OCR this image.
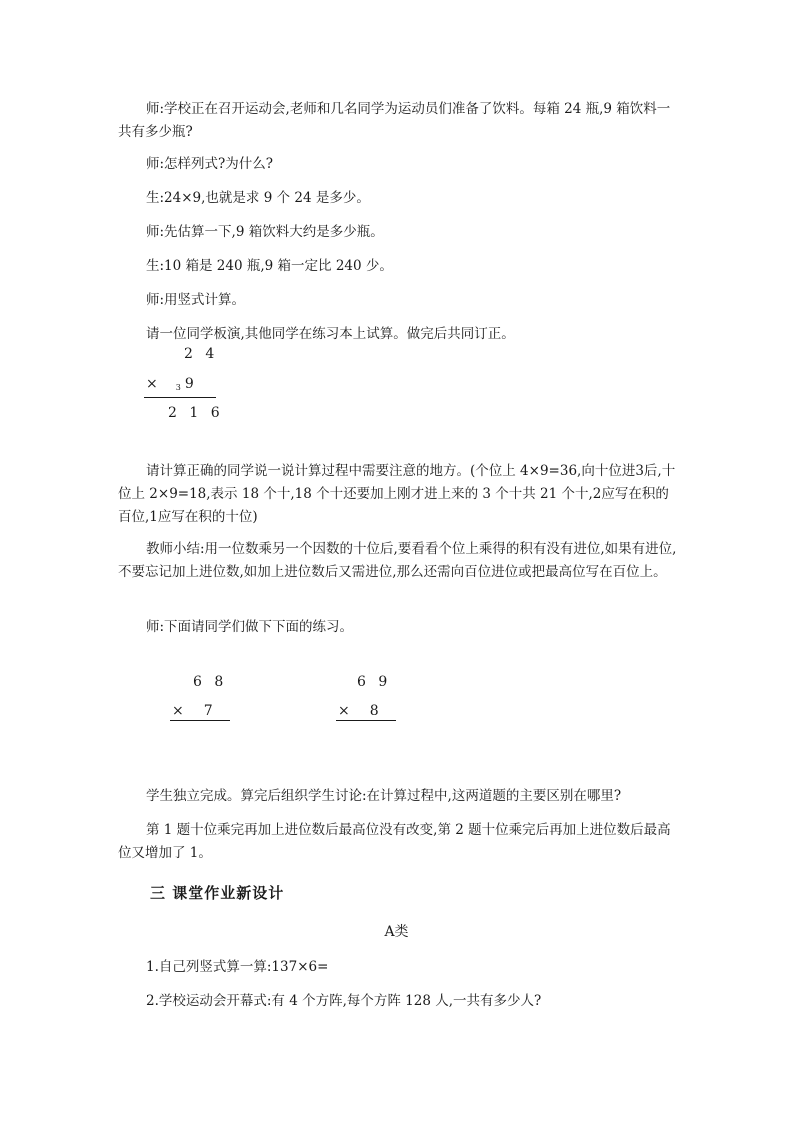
师:学校正在召开运动会,老师和几名同学为运动员们准备了饮料。每箱 24 瓶,9 箱饮料一共有多少瓶?
师:怎样列式?为什么?
生:24×9,也就是求 9 个 24 是多少。
师:先估算一下,9 箱饮料大约是多少瓶。
生:10 箱是 240 瓶,9 箱一定比 240 少。
师:用竖式计算。
请一位同学板演,其他同学在练习本上试算。做完后共同订正。
2 4
× 3 9
2 1 6
请计算正确的同学说一说计算过程中需要注意的地方。(个位上 4×9=36,向十位进3后,十位上 2×9=18,表示 18 个十,18 个十还要加上刚才进上来的 3 个十共 21 个十,2应写在积的百位,1应写在积的十位)
教师小结:用一位数乘另一个因数的十位后,要看看个位上乘得的积有没有进位,如果有进位,不要忘记加上进位数,如加上进位数后又需进位,那么还需向百位进位或把最高位写在百位上。
师:下面请同学们做下下面的练习。
6 8
× 7
6 9
× 8
学生独立完成。算完后组织学生讨论:在计算过程中,这两道题的主要区别在哪里?
第 1 题十位乘完再加上进位数后最高位没有改变,第 2 题十位乘完后再加上进位数后最高位又增加了 1。
三 课堂作业新设计
A类
1.自己列竖式算一算:137×6=
2.学校运动会开幕式:有 4 个方阵,每个方阵 128 人,一共有多少人?
